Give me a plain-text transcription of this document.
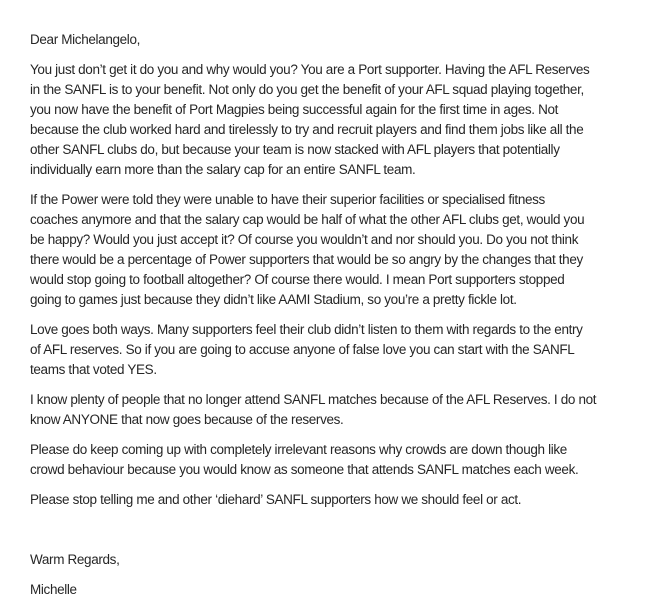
Dear Michelangelo,

You just don’t get it do you and why would you? You are a Port supporter. Having the AFL Reserves
in the SANFL is to your benefit. Not only do you get the benefit of your AFL squad playing together,
you now have the benefit of Port Magpies being successful again for the first time in ages. Not
because the club worked hard and tirelessly to try and recruit players and find them jobs like all the
other SANFL clubs do, but because your team is now stacked with AFL players that potentially
individually earn more than the salary cap for an entire SANFL team.
If the Power were told they were unable to have their superior facilities or specialised fitness
coaches anymore and that the salary cap would be half of what the other AFL clubs get, would you
be happy? Would you just accept it? Of course you wouldn’t and nor should you. Do you not think
there would be a percentage of Power supporters that would be so angry by the changes that they
would stop going to football altogether? Of course there would. I mean Port supporters stopped
going to games just because they didn’t like AAMI Stadium, so you’re a pretty fickle lot.
Love goes both ways. Many supporters feel their club didn’t listen to them with regards to the entry
of AFL reserves. So if you are going to accuse anyone of false love you can start with the SANFL
teams that voted YES.
I know plenty of people that no longer attend SANFL matches because of the AFL Reserves. I do not
know ANYONE that now goes because of the reserves.
Please do keep coming up with completely irrelevant reasons why crowds are down though like
crowd behaviour because you would know as someone that attends SANFL matches each week.
Please stop telling me and other ‘diehard’ SANFL supporters how we should feel or act.

Warm Regards,

Michelle
